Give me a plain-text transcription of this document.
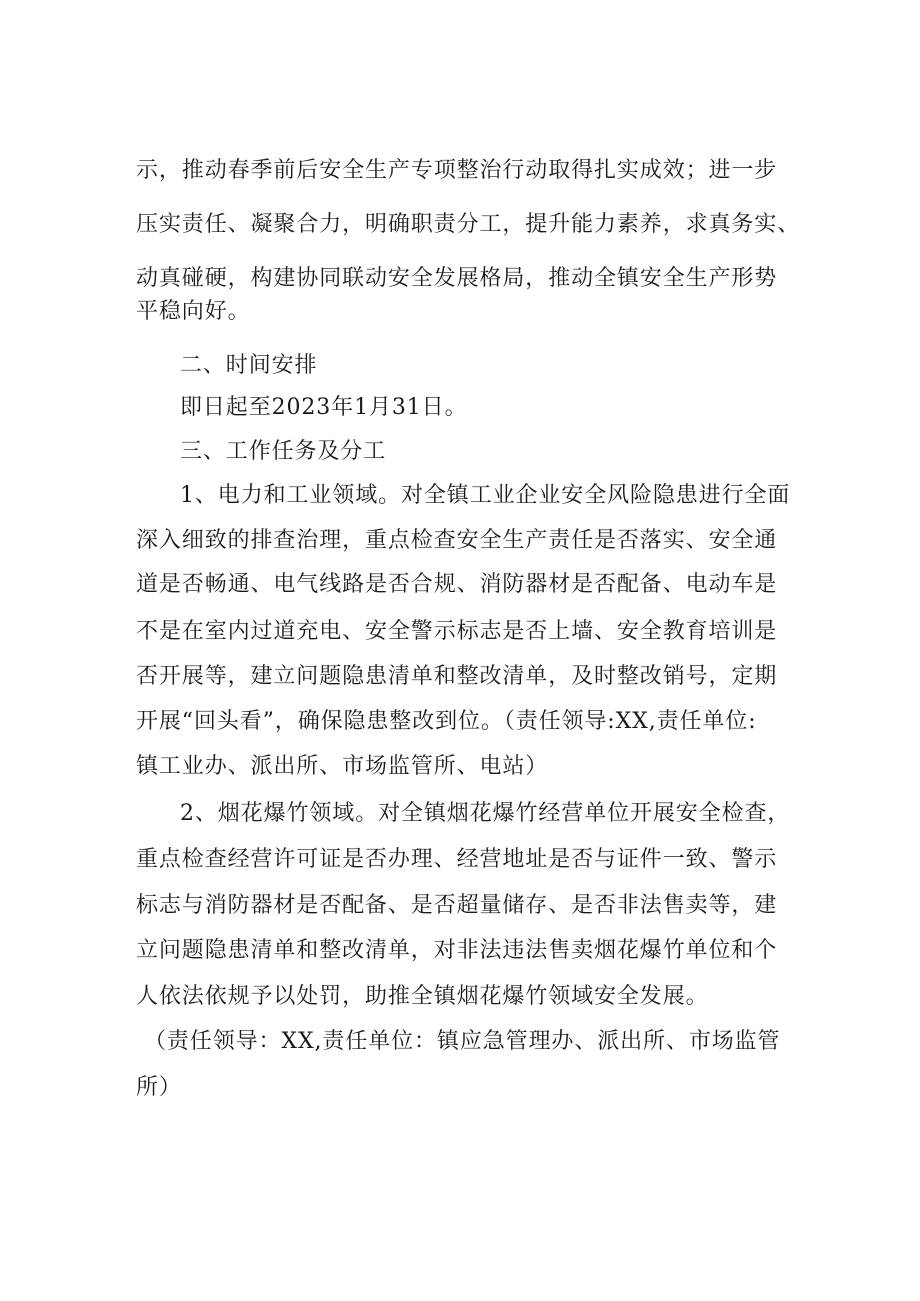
示，推动春季前后安全生产专项整治行动取得扎实成效；进一步
压实责任、凝聚合力，明确职责分工，提升能力素养，求真务实、
动真碰硬，构建协同联动安全发展格局，推动全镇安全生产形势
平稳向好。
二、时间安排
即日起至2023年1月31日。
三、工作任务及分工
1、电力和工业领域。对全镇工业企业安全风险隐患进行全面
深入细致的排查治理，重点检查安全生产责任是否落实、安全通
道是否畅通、电气线路是否合规、消防器材是否配备、电动车是
不是在室内过道充电、安全警示标志是否上墙、安全教育培训是
否开展等，建立问题隐患清单和整改清单，及时整改销号，定期
开展“回头看”，确保隐患整改到位。（责任领导:XX,责任单位:
镇工业办、派出所、市场监管所、电站）
2、烟花爆竹领域。对全镇烟花爆竹经营单位开展安全检查，
重点检查经营许可证是否办理、经营地址是否与证件一致、警示
标志与消防器材是否配备、是否超量储存、是否非法售卖等，建
立问题隐患清单和整改清单，对非法违法售卖烟花爆竹单位和个
人依法依规予以处罚，助推全镇烟花爆竹领域安全发展。
（责任领导：XX,责任单位：镇应急管理办、派出所、市场监管
所）
